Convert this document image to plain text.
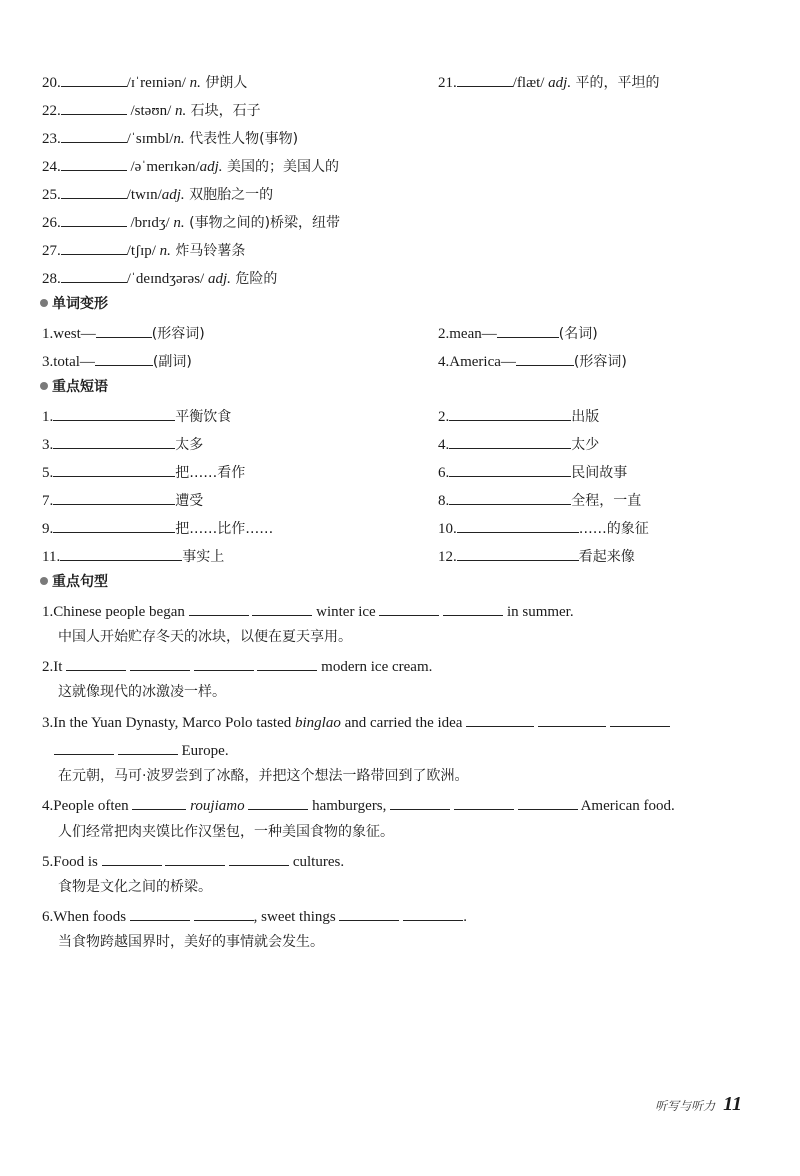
20.	/ɪˈreɪniən/ n. 伊朗人	21.	/flæt/ adj. 平的，平坦的
22.	/stəʊn/ n. 石块，石子
23.	/ˈsɪmbl/n. 代表性人物(事物)
24.	/əˈmerɪkən/adj. 美国的；美国人的
25.	/twɪn/adj. 双胞胎之一的
26.	/brɪdʒ/ n. (事物之间的)桥梁，纽带
27.	/tʃɪp/ n. 炸马铃薯条
28.	/ˈdeɪndʒərəs/ adj. 危险的
单词变形
1.west—	(形容词)	2.mean—	(名词)
3.total—	(副词)	4.America—	(形容词)
重点短语
1.	平衡饮食	2.	出版
3.	太多	4.	太少
5.	把……看作	6.	民间故事
7.	遭受	8.	全程，一直
9.	把……比作……	10.	……的象征
11.	事实上	12.	看起来像
重点句型
1.Chinese people began	winter ice	in summer.
中国人开始贮存冬天的冰块，以便在夏天享用。
2.It	modern ice cream.
这就像现代的冰激凌一样。
3.In the Yuan Dynasty, Marco Polo tasted binglao and carried the idea
Europe.
在元朝，马可·波罗尝到了冰酪，并把这个想法一路带回到了欧洲。
4.People often	roujiamo	hamburgers,	American food.
人们经常把肉夹馍比作汉堡包，一种美国食物的象征。
5.Food is	cultures.
食物是文化之间的桥梁。
6.When foods	, sweet things	.
当食物跨越国界时，美好的事情就会发生。
听写与听力 11
